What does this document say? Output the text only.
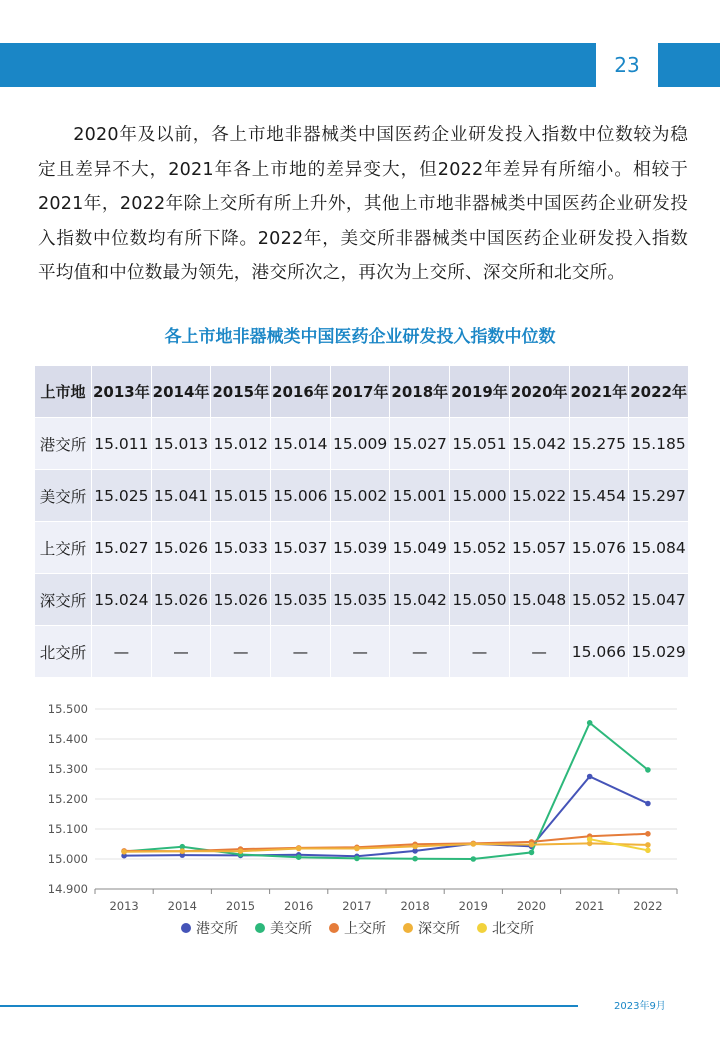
23

2020年及以前，各上市地非器械类中国医药企业研发投入指数中位数较为稳定且差异不大，2021年各上市地的差异变大，但2022年差异有所缩小。相较于2021年，2022年除上交所有所上升外，其他上市地非器械类中国医药企业研发投入指数中位数均有所下降。2022年，美交所非器械类中国医药企业研发投入指数平均值和中位数最为领先，港交所次之，再次为上交所、深交所和北交所。

各上市地非器械类中国医药企业研发投入指数中位数
上市地	2013年	2014年	2015年	2016年	2017年	2018年	2019年	2020年	2021年	2022年
港交所	15.011	15.013	15.012	15.014	15.009	15.027	15.051	15.042	15.275	15.185
美交所	15.025	15.041	15.015	15.006	15.002	15.001	15.000	15.022	15.454	15.297
上交所	15.027	15.026	15.033	15.037	15.039	15.049	15.052	15.057	15.076	15.084
深交所	15.024	15.026	15.026	15.035	15.035	15.042	15.050	15.048	15.052	15.047
北交所	—	—	—	—	—	—	—	—	15.066	15.029
14.900
15.000
15.100
15.200
15.300
15.400
15.500
2013	2014	2015	2016	2017	2018	2019	2020	2021	2022
港交所 美交所 上交所 深交所 北交所
2023年9月
